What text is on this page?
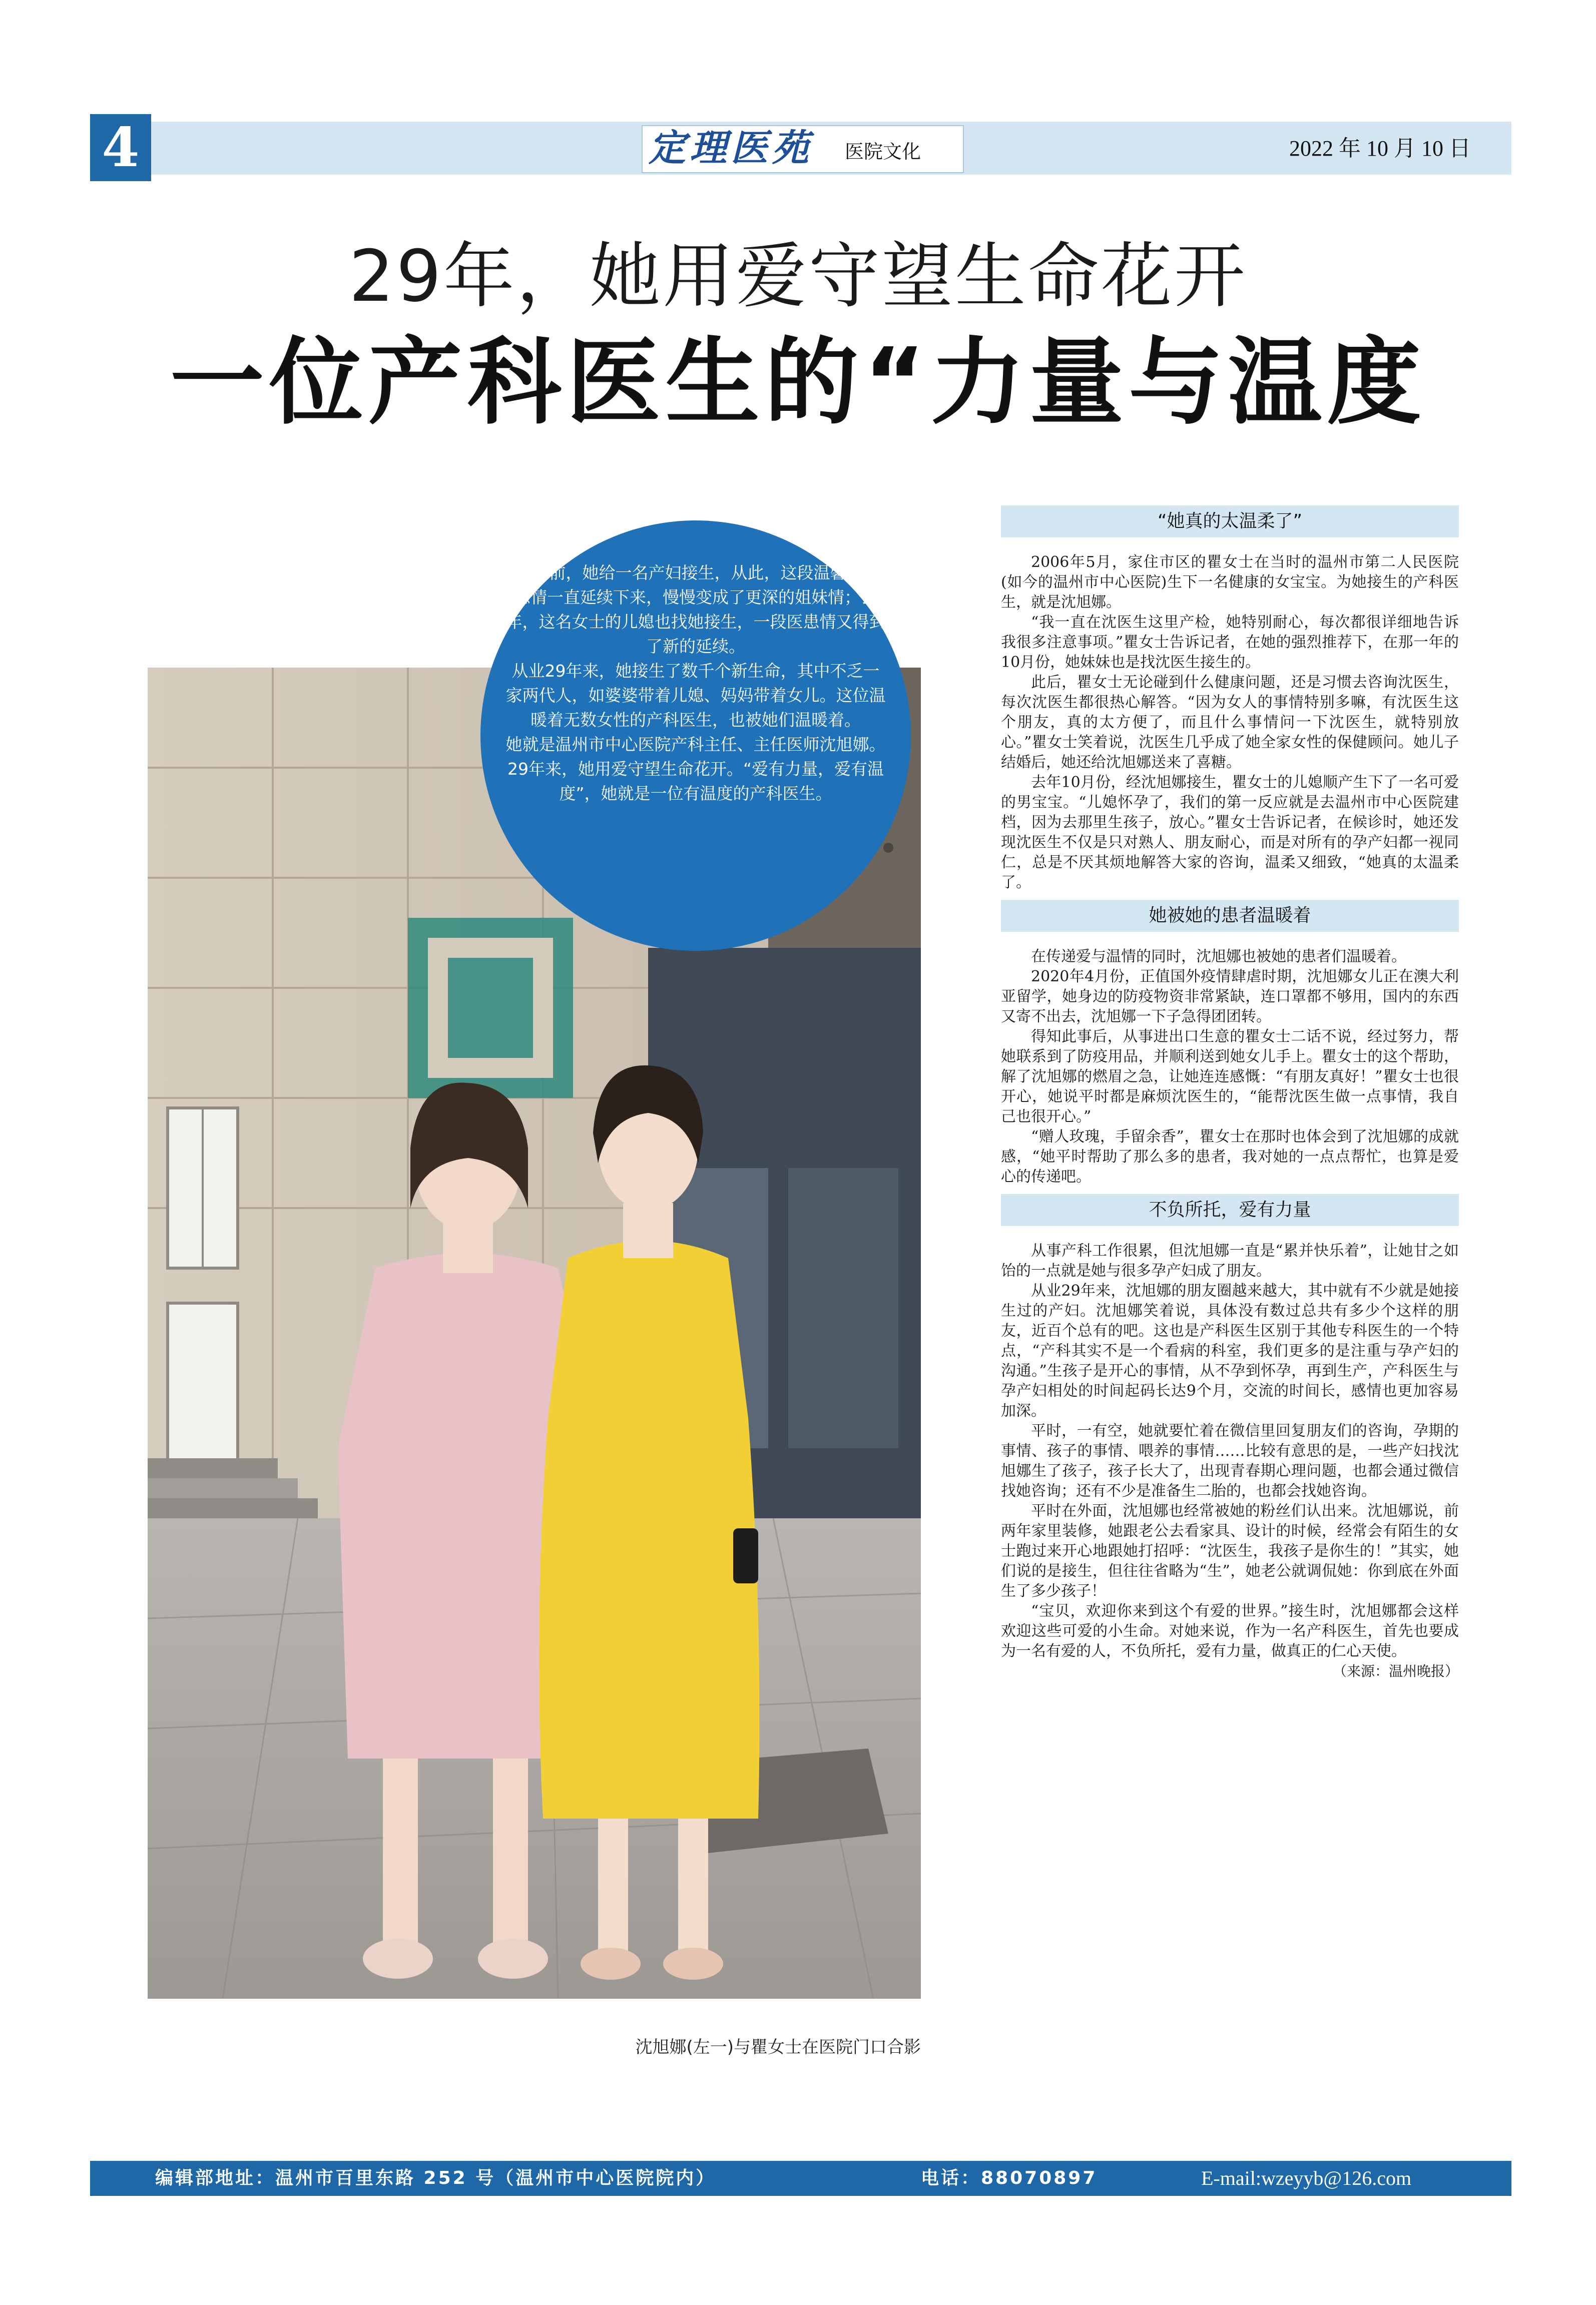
4	定理医苑 医院文化	2022 年 10 月 10 日
29年，她用爱守望生命花开
一位产科医生的“力量与温度
沈旭娜(左一)与瞿女士在医院门口合影

16年前，她给一名产妇接生，从此，这段温馨的医患情一直延续下来，慢慢变成了更深的姐妹情；去年，这名女士的儿媳也找她接生，一段医患情又得到了新的延续。

从业29年来，她接生了数千个新生命，其中不乏一家两代人，如婆婆带着儿媳、妈妈带着女儿。这位温暖着无数女性的产科医生，也被她们温暖着。

她就是温州市中心医院产科主任、主任医师沈旭娜。

29年来，她用爱守望生命花开。“爱有力量，爱有温度”，她就是一位有温度的产科医生。

“她真的太温柔了”

2006年5月，家住市区的瞿女士在当时的温州市第二人民医院(如今的温州市中心医院)生下一名健康的女宝宝。为她接生的产科医生，就是沈旭娜。

“我一直在沈医生这里产检，她特别耐心，每次都很详细地告诉我很多注意事项。”瞿女士告诉记者，在她的强烈推荐下，在那一年的10月份，她妹妹也是找沈医生接生的。

此后，瞿女士无论碰到什么健康问题，还是习惯去咨询沈医生，每次沈医生都很热心解答。“因为女人的事情特别多嘛，有沈医生这个朋友，真的太方便了，而且什么事情问一下沈医生，就特别放心。”瞿女士笑着说，沈医生几乎成了她全家女性的保健顾问。她儿子结婚后，她还给沈旭娜送来了喜糖。

去年10月份，经沈旭娜接生，瞿女士的儿媳顺产生下了一名可爱的男宝宝。“儿媳怀孕了，我们的第一反应就是去温州市中心医院建档，因为去那里生孩子，放心。”瞿女士告诉记者，在候诊时，她还发现沈医生不仅是只对熟人、朋友耐心，而是对所有的孕产妇都一视同仁，总是不厌其烦地解答大家的咨询，温柔又细致，“她真的太温柔了。

她被她的患者温暖着

在传递爱与温情的同时，沈旭娜也被她的患者们温暖着。

2020年4月份，正值国外疫情肆虐时期，沈旭娜女儿正在澳大利亚留学，她身边的防疫物资非常紧缺，连口罩都不够用，国内的东西又寄不出去，沈旭娜一下子急得团团转。

得知此事后，从事进出口生意的瞿女士二话不说，经过努力，帮她联系到了防疫用品，并顺利送到她女儿手上。瞿女士的这个帮助，解了沈旭娜的燃眉之急，让她连连感慨：“有朋友真好！”瞿女士也很开心，她说平时都是麻烦沈医生的，“能帮沈医生做一点事情，我自己也很开心。”

“赠人玫瑰，手留余香”，瞿女士在那时也体会到了沈旭娜的成就感，“她平时帮助了那么多的患者，我对她的一点点帮忙，也算是爱心的传递吧。

不负所托，爱有力量

从事产科工作很累，但沈旭娜一直是“累并快乐着”，让她甘之如饴的一点就是她与很多孕产妇成了朋友。

从业29年来，沈旭娜的朋友圈越来越大，其中就有不少就是她接生过的产妇。沈旭娜笑着说，具体没有数过总共有多少个这样的朋友，近百个总有的吧。这也是产科医生区别于其他专科医生的一个特点，“产科其实不是一个看病的科室，我们更多的是注重与孕产妇的沟通。”生孩子是开心的事情，从不孕到怀孕，再到生产，产科医生与孕产妇相处的时间起码长达9个月，交流的时间长，感情也更加容易加深。

平时，一有空，她就要忙着在微信里回复朋友们的咨询，孕期的事情、孩子的事情、喂养的事情……比较有意思的是，一些产妇找沈旭娜生了孩子，孩子长大了，出现青春期心理问题，也都会通过微信找她咨询；还有不少是准备生二胎的，也都会找她咨询。

平时在外面，沈旭娜也经常被她的粉丝们认出来。沈旭娜说，前两年家里装修，她跟老公去看家具、设计的时候，经常会有陌生的女士跑过来开心地跟她打招呼：“沈医生，我孩子是你生的！”其实，她们说的是接生，但往往省略为“生”，她老公就调侃她：你到底在外面生了多少孩子！

“宝贝，欢迎你来到这个有爱的世界。”接生时，沈旭娜都会这样欢迎这些可爱的小生命。对她来说，作为一名产科医生，首先也要成为一名有爱的人，不负所托，爱有力量，做真正的仁心天使。

（来源：温州晚报）

编辑部地址：温州市百里东路 252 号（温州市中心医院院内）	电话：88070897	E-mail:wzeyyb@126.com
